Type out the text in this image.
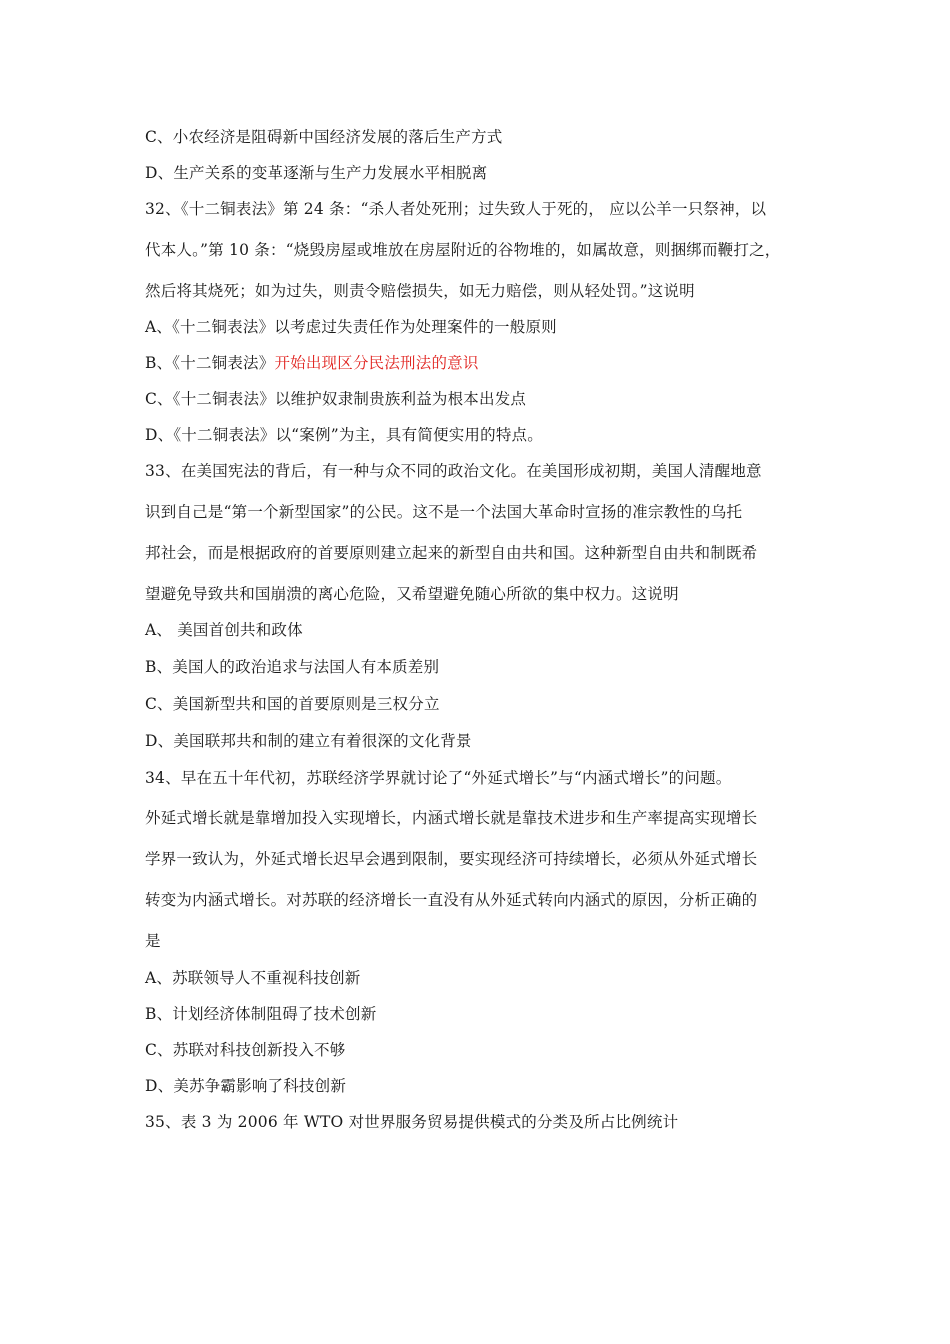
C、小农经济是阻碍新中国经济发展的落后生产方式
D、生产关系的变革逐渐与生产力发展水平相脱离
32、《十二铜表法》第 24 条：“杀人者处死刑；过失致人于死的， 应以公羊一只祭神，以
代本人。”第 10 条：“烧毁房屋或堆放在房屋附近的谷物堆的，如属故意，则捆绑而鞭打之，
然后将其烧死；如为过失，则责令赔偿损失，如无力赔偿，则从轻处罚。”这说明
A、《十二铜表法》以考虑过失责任作为处理案件的一般原则
B、《十二铜表法》开始出现区分民法刑法的意识
C、《十二铜表法》以维护奴隶制贵族利益为根本出发点
D、《十二铜表法》以“案例”为主，具有简便实用的特点。
33、在美国宪法的背后，有一种与众不同的政治文化。在美国形成初期，美国人清醒地意
识到自己是“第一个新型国家”的公民。这不是一个法国大革命时宣扬的准宗教性的乌托
邦社会，而是根据政府的首要原则建立起来的新型自由共和国。这种新型自由共和制既希
望避免导致共和国崩溃的离心危险，又希望避免随心所欲的集中权力。这说明
A、 美国首创共和政体
B、美国人的政治追求与法国人有本质差别
C、美国新型共和国的首要原则是三权分立
D、美国联邦共和制的建立有着很深的文化背景
34、早在五十年代初，苏联经济学界就讨论了“外延式增长”与“内涵式增长”的问题。
外延式增长就是靠增加投入实现增长，内涵式增长就是靠技术进步和生产率提高实现增长
学界一致认为，外延式增长迟早会遇到限制，要实现经济可持续增长，必须从外延式增长
转变为内涵式增长。对苏联的经济增长一直没有从外延式转向内涵式的原因，分析正确的
是
A、苏联领导人不重视科技创新
B、计划经济体制阻碍了技术创新
C、苏联对科技创新投入不够
D、美苏争霸影响了科技创新
35、表 3 为 2006 年 WTO 对世界服务贸易提供模式的分类及所占比例统计
